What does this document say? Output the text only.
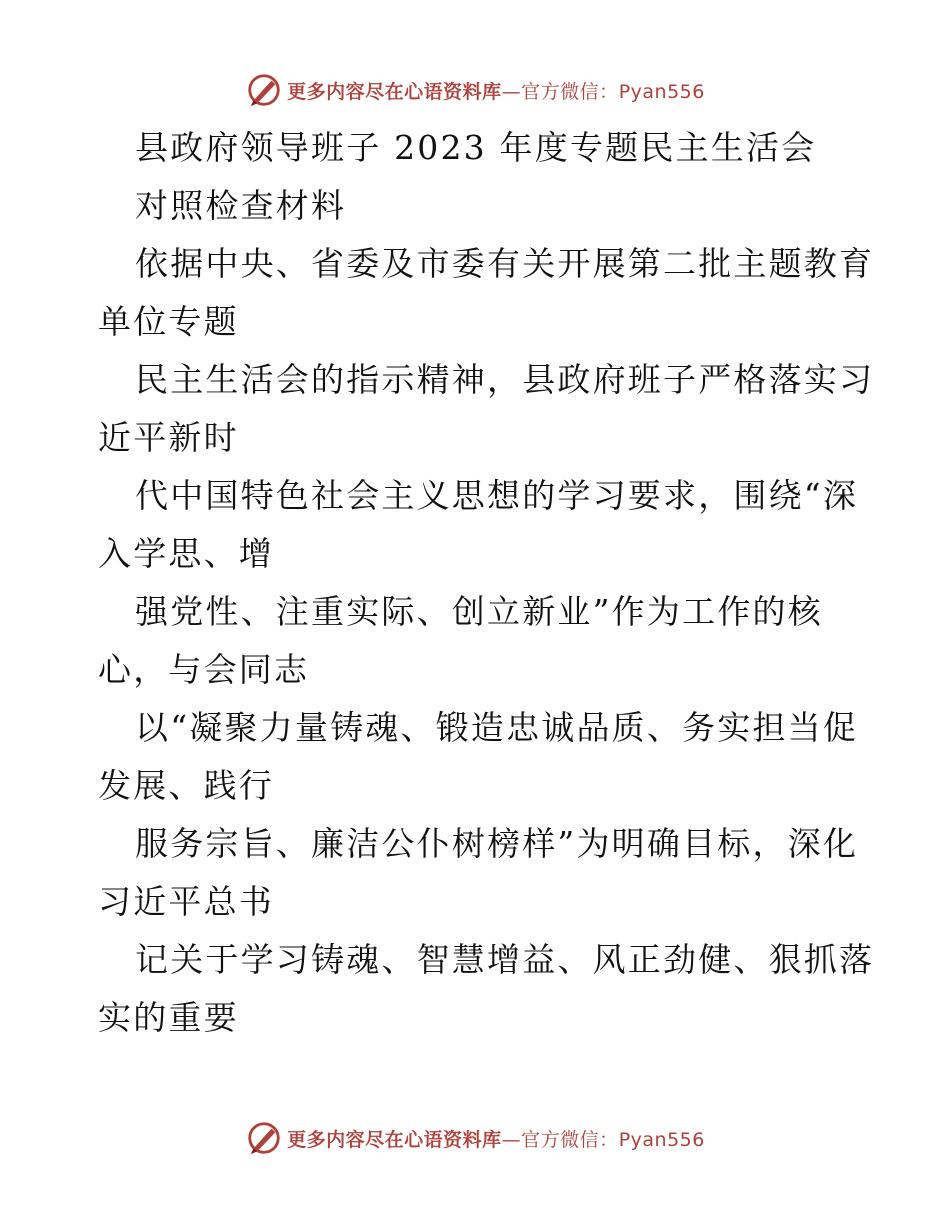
更多内容尽在心语资料库—官方微信：Pyan556
县政府领导班子 2023 年度专题民主生活会
对照检查材料
依据中央、省委及市委有关开展第二批主题教育
单位专题
民主生活会的指示精神，县政府班子严格落实习
近平新时
代中国特色社会主义思想的学习要求，围绕“深
入学思、增
强党性、注重实际、创立新业”作为工作的核
心，与会同志
以“凝聚力量铸魂、锻造忠诚品质、务实担当促
发展、践行
服务宗旨、廉洁公仆树榜样”为明确目标，深化
习近平总书
记关于学习铸魂、智慧增益、风正劲健、狠抓落
实的重要
更多内容尽在心语资料库—官方微信：Pyan556
